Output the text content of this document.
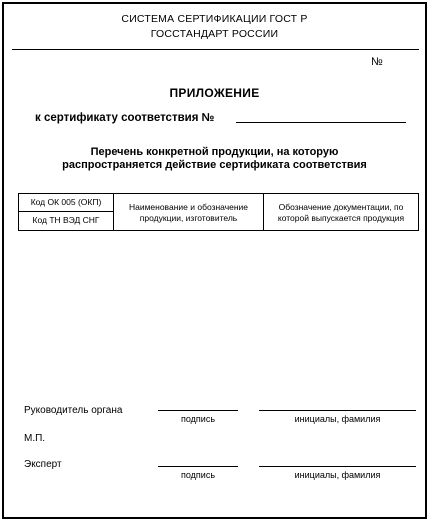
СИСТЕМА СЕРТИФИКАЦИИ ГОСТ Р
ГОССТАНДАРТ РОССИИ
№
ПРИЛОЖЕНИЕ
к сертификату соответствия №
Перечень конкретной продукции, на которую
распространяется действие сертификата соответствия
Код ОК 005 (ОКП)
Код ТН ВЭД СНГ
Наименование и обозначение
продукции, изготовитель
Обозначение документации, по
которой выпускается продукция
Руководитель органа
подпись	инициалы, фамилия
М.П.
Эксперт
подпись	инициалы, фамилия
